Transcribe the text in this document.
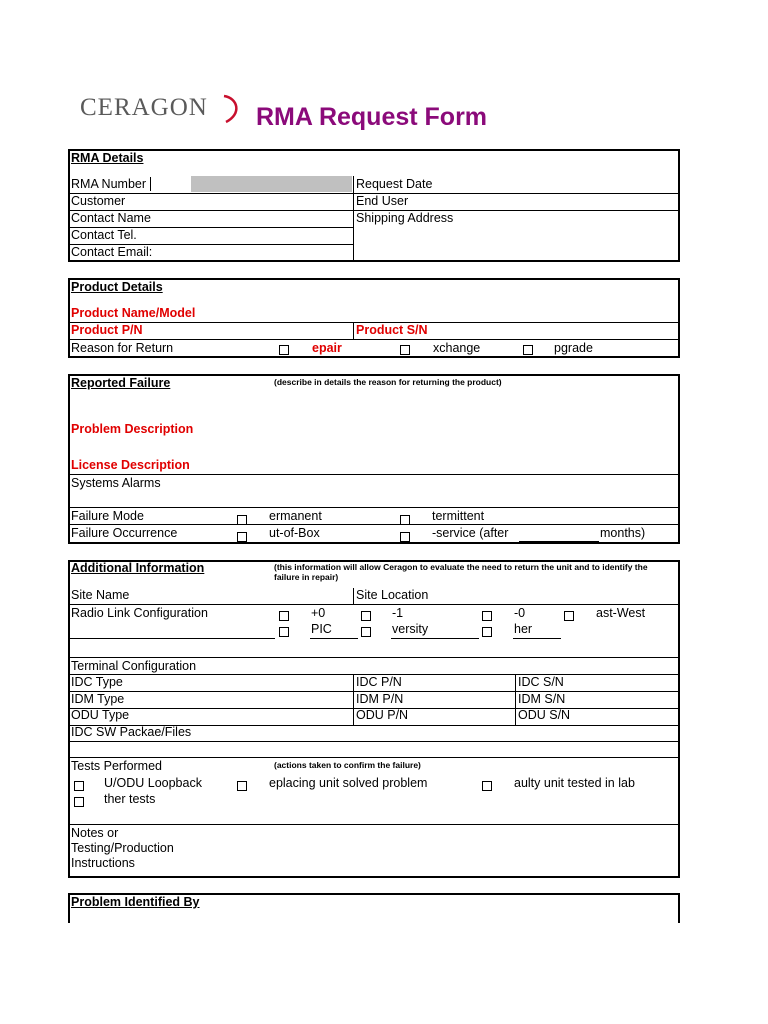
CERAGON RMA Request Form
RMA Details
RMA Number	Request Date
Customer	End User
Contact Name	Shipping Address
Contact Tel.
Contact Email:
Product Details
Product Name/Model
Product P/N	Product S/N
Reason for Return	epair	xchange	pgrade
Reported Failure	(describe in details the reason for returning the product)
Problem Description
License Description
Systems Alarms
Failure Mode	ermanent	termittent
Failure Occurrence	ut-of-Box	-service (after	months)
Additional Information	(this information will allow Ceragon to evaluate the need to return the unit and to identify the failure in repair)
Site Name	Site Location
Radio Link Configuration	+0	-1	-0	ast-West
PIC	versity	her
Terminal Configuration
IDC Type	IDC P/N	IDC S/N
IDM Type	IDM P/N	IDM S/N
ODU Type	ODU P/N	ODU S/N
IDC SW Packae/Files
Tests Performed	(actions taken to confirm the failure)
U/ODU Loopback	eplacing unit solved problem	aulty unit tested in lab
ther tests
Notes or
Testing/Production
Instructions
Problem Identified By
